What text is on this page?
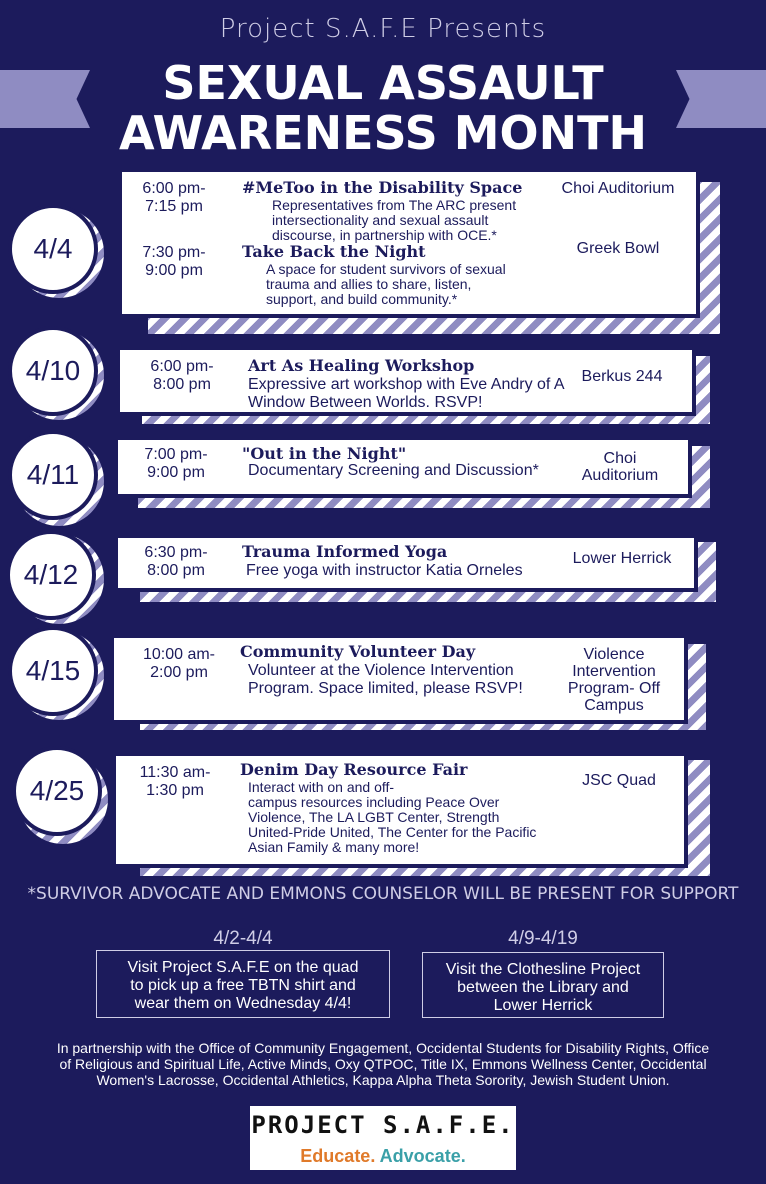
Project S.A.F.E Presents
SEXUAL ASSAULT
AWARENESS MONTH
4/4
6:00 pm-
7:15 pm
#MeToo in the Disability Space
Representatives from The ARC present
intersectionality and sexual assault
discourse, in partnership with OCE.*
Choi Auditorium
7:30 pm-
9:00 pm
Take Back the Night
A space for student survivors of sexual
trauma and allies to share, listen,
support, and build community.*
Greek Bowl
4/10	6:00 pm-
8:00 pm
Art As Healing Workshop
Expressive art workshop with Eve Andry of A
Window Between Worlds. RSVP!
Berkus 244
4/11
7:00 pm-
9:00 pm
"Out in the Night"
Documentary Screening and Discussion*
Choi
Auditorium
4/12
6:30 pm-
8:00 pm
Trauma Informed Yoga
Free yoga with instructor Katia Orneles
Lower Herrick
4/15
10:00 am-
2:00 pm
Community Volunteer Day
Volunteer at the Violence Intervention
Program. Space limited, please RSVP!
Violence
Intervention
Program- Off
Campus
4/25
11:30 am-
1:30 pm
Denim Day Resource Fair
Interact with on and off-
campus resources including Peace Over
Violence, The LA LGBT Center, Strength
United-Pride United, The Center for the Pacific
Asian Family & many more!
JSC Quad
*SURVIVOR ADVOCATE AND EMMONS COUNSELOR WILL BE PRESENT FOR SUPPORT
4/2-4/4
Visit Project S.A.F.E on the quad
to pick up a free TBTN shirt and
wear them on Wednesday 4/4!
4/9-4/19
Visit the Clothesline Project
between the Library and
Lower Herrick
In partnership with the Office of Community Engagement, Occidental Students for Disability Rights, Office
of Religious and Spiritual Life, Active Minds, Oxy QTPOC, Title IX, Emmons Wellness Center, Occidental
Women's Lacrosse, Occidental Athletics, Kappa Alpha Theta Sorority, Jewish Student Union.
PROJECT S.A.F.E.
Educate. Advocate.
